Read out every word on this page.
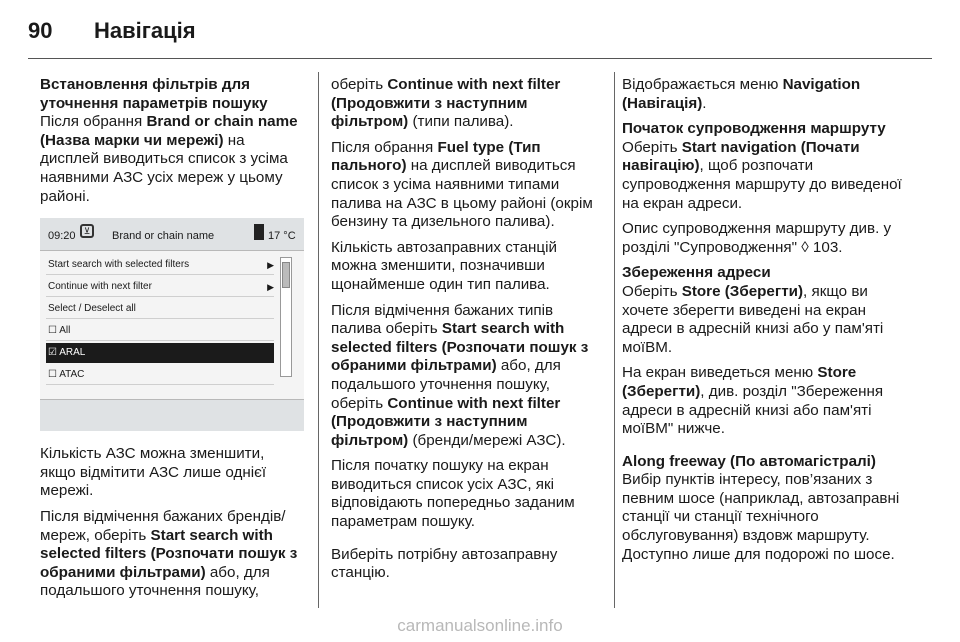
90 Навігація
Встановлення фільтрів для уточнення параметрів пошуку

Після обрання Brand or chain name (Назва марки чи мережі) на дисплей виводиться список з усіма наявними АЗС усіх мереж у цьому районі.

09:20 ⊻	Brand or chain name	17 °C
Start search with selected filters	▶
Continue with next filter	▶
Select / Deselect all
☐ All
☑ ARAL
☐ ATAC

Кількість АЗС можна зменшити, якщо відмітити АЗС лише однієї мережі.

Після відмічення бажаних брендів/ мереж, оберіть Start search with selected filters (Розпочати пошук з обраними фільтрами) або, для подальшого уточнення пошуку,

оберіть Continue with next filter (Продовжити з наступним фільтром) (типи палива).

Після обрання Fuel type (Тип пального) на дисплей виводиться список з усіма наявними типами палива на АЗС в цьому районі (окрім бензину та дизельного палива).

Кількість автозаправних станцій можна зменшити, позначивши щонайменше один тип палива.

Після відмічення бажаних типів палива оберіть Start search with selected filters (Розпочати пошук з обраними фільтрами) або, для подальшого уточнення пошуку, оберіть Continue with next filter (Продовжити з наступним фільтром) (бренди/мережі АЗС).

Після початку пошуку на екран виводиться список усіх АЗС, які відповідають попередньо заданим параметрам пошуку.

Виберіть потрібну автозаправну станцію.

Відображається меню Navigation (Навігація).

Початок супроводження маршруту

Оберіть Start navigation (Почати навігацію), щоб розпочати супроводження маршруту до виведеної на екран адреси.

Опис супроводження маршруту див. у розділі "Супроводження" ◊ 103.

Збереження адреси

Оберіть Store (Зберегти), якщо ви хочете зберегти виведені на екран адреси в адресній книзі або у пам'яті моїВМ.

На екран виведеться меню Store (Зберегти), див. розділ "Збереження адреси в адресній книзі або пам'яті моїВМ" нижче.

Along freeway (По автомагістралі)

Вибір пунктів інтересу, пов’язаних з певним шосе (наприклад, автозаправні станції чи станції технічного обслуговування) вздовж маршруту. Доступно лише для подорожі по шосе.

carmanualsonline.info
